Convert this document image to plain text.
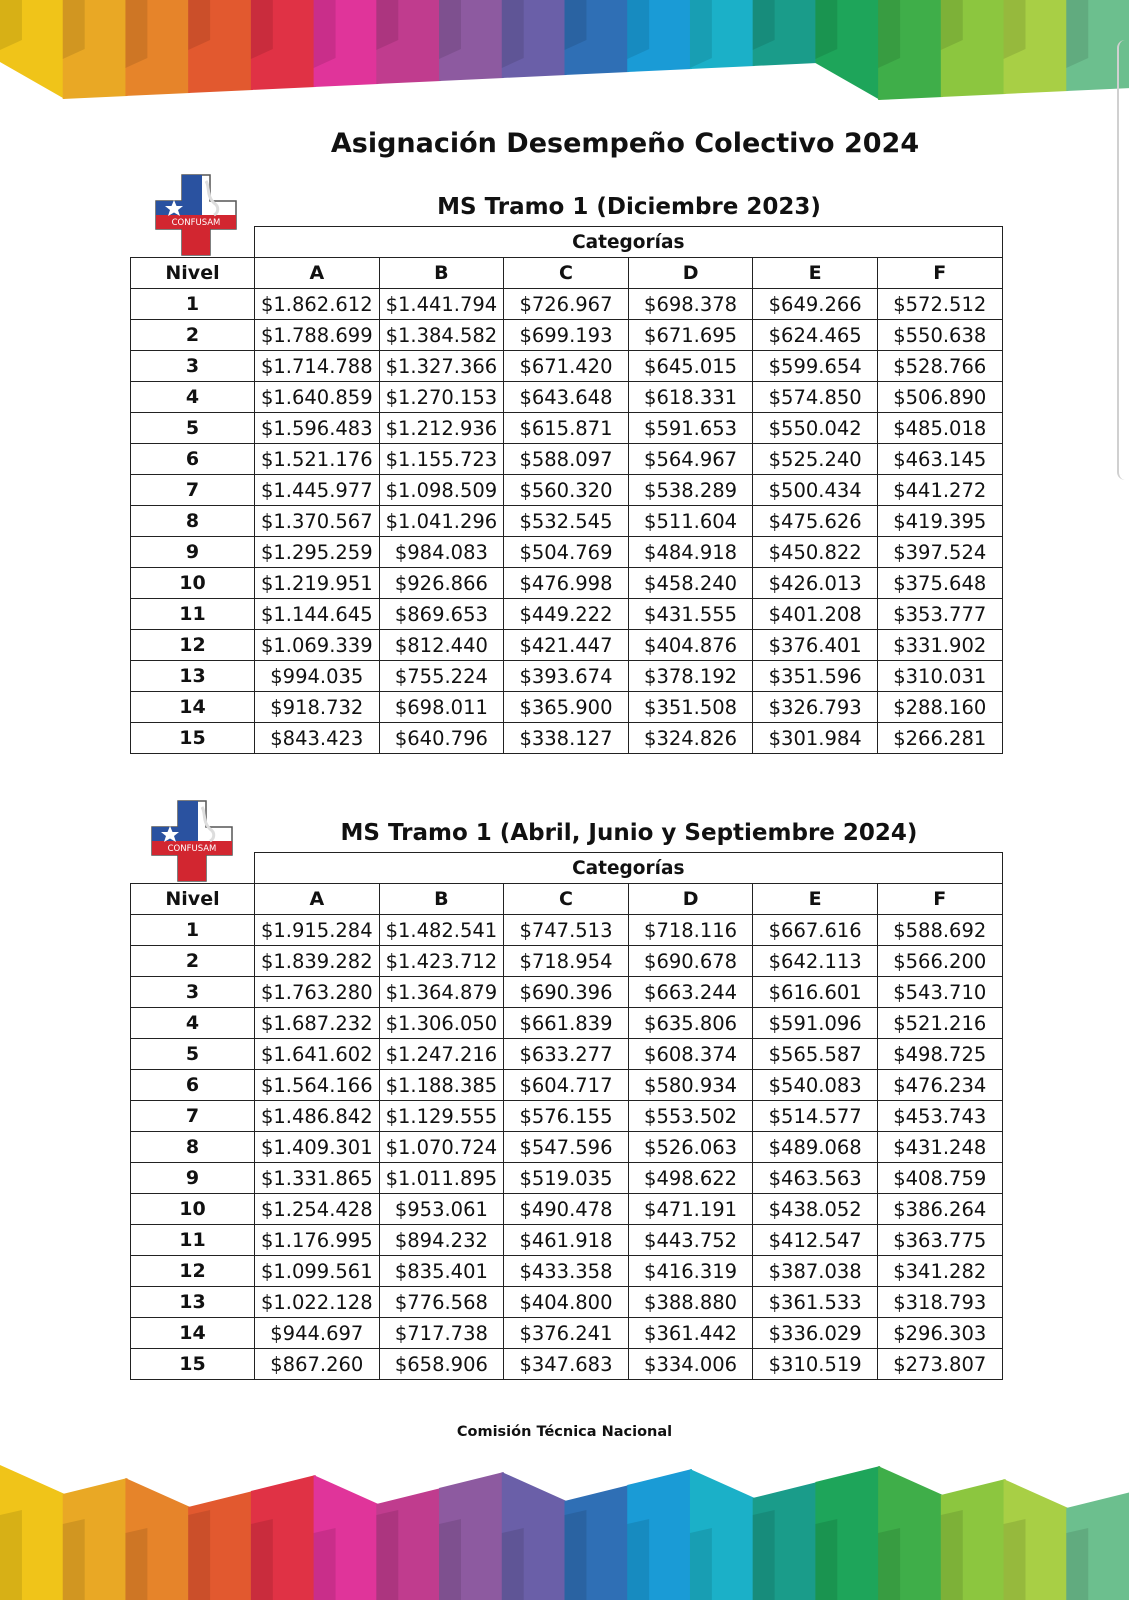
Asignación Desempeño Colectivo 2024
CONFUSAM
MS Tramo 1 (Diciembre 2023)
	Categorías					
Nivel	A	B	C	D	E	F
1	$1.862.612	$1.441.794	$726.967	$698.378	$649.266	$572.512
2	$1.788.699	$1.384.582	$699.193	$671.695	$624.465	$550.638
3	$1.714.788	$1.327.366	$671.420	$645.015	$599.654	$528.766
4	$1.640.859	$1.270.153	$643.648	$618.331	$574.850	$506.890
5	$1.596.483	$1.212.936	$615.871	$591.653	$550.042	$485.018
6	$1.521.176	$1.155.723	$588.097	$564.967	$525.240	$463.145
7	$1.445.977	$1.098.509	$560.320	$538.289	$500.434	$441.272
8	$1.370.567	$1.041.296	$532.545	$511.604	$475.626	$419.395
9	$1.295.259	$984.083	$504.769	$484.918	$450.822	$397.524
10	$1.219.951	$926.866	$476.998	$458.240	$426.013	$375.648
11	$1.144.645	$869.653	$449.222	$431.555	$401.208	$353.777
12	$1.069.339	$812.440	$421.447	$404.876	$376.401	$331.902
13	$994.035	$755.224	$393.674	$378.192	$351.596	$310.031
14	$918.732	$698.011	$365.900	$351.508	$326.793	$288.160
15	$843.423	$640.796	$338.127	$324.826	$301.984	$266.281
CONFUSAM
MS Tramo 1 (Abril, Junio y Septiembre 2024)
	Categorías					
Nivel	A	B	C	D	E	F
1	$1.915.284	$1.482.541	$747.513	$718.116	$667.616	$588.692
2	$1.839.282	$1.423.712	$718.954	$690.678	$642.113	$566.200
3	$1.763.280	$1.364.879	$690.396	$663.244	$616.601	$543.710
4	$1.687.232	$1.306.050	$661.839	$635.806	$591.096	$521.216
5	$1.641.602	$1.247.216	$633.277	$608.374	$565.587	$498.725
6	$1.564.166	$1.188.385	$604.717	$580.934	$540.083	$476.234
7	$1.486.842	$1.129.555	$576.155	$553.502	$514.577	$453.743
8	$1.409.301	$1.070.724	$547.596	$526.063	$489.068	$431.248
9	$1.331.865	$1.011.895	$519.035	$498.622	$463.563	$408.759
10	$1.254.428	$953.061	$490.478	$471.191	$438.052	$386.264
11	$1.176.995	$894.232	$461.918	$443.752	$412.547	$363.775
12	$1.099.561	$835.401	$433.358	$416.319	$387.038	$341.282
13	$1.022.128	$776.568	$404.800	$388.880	$361.533	$318.793
14	$944.697	$717.738	$376.241	$361.442	$336.029	$296.303
15	$867.260	$658.906	$347.683	$334.006	$310.519	$273.807
Comisión Técnica Nacional
